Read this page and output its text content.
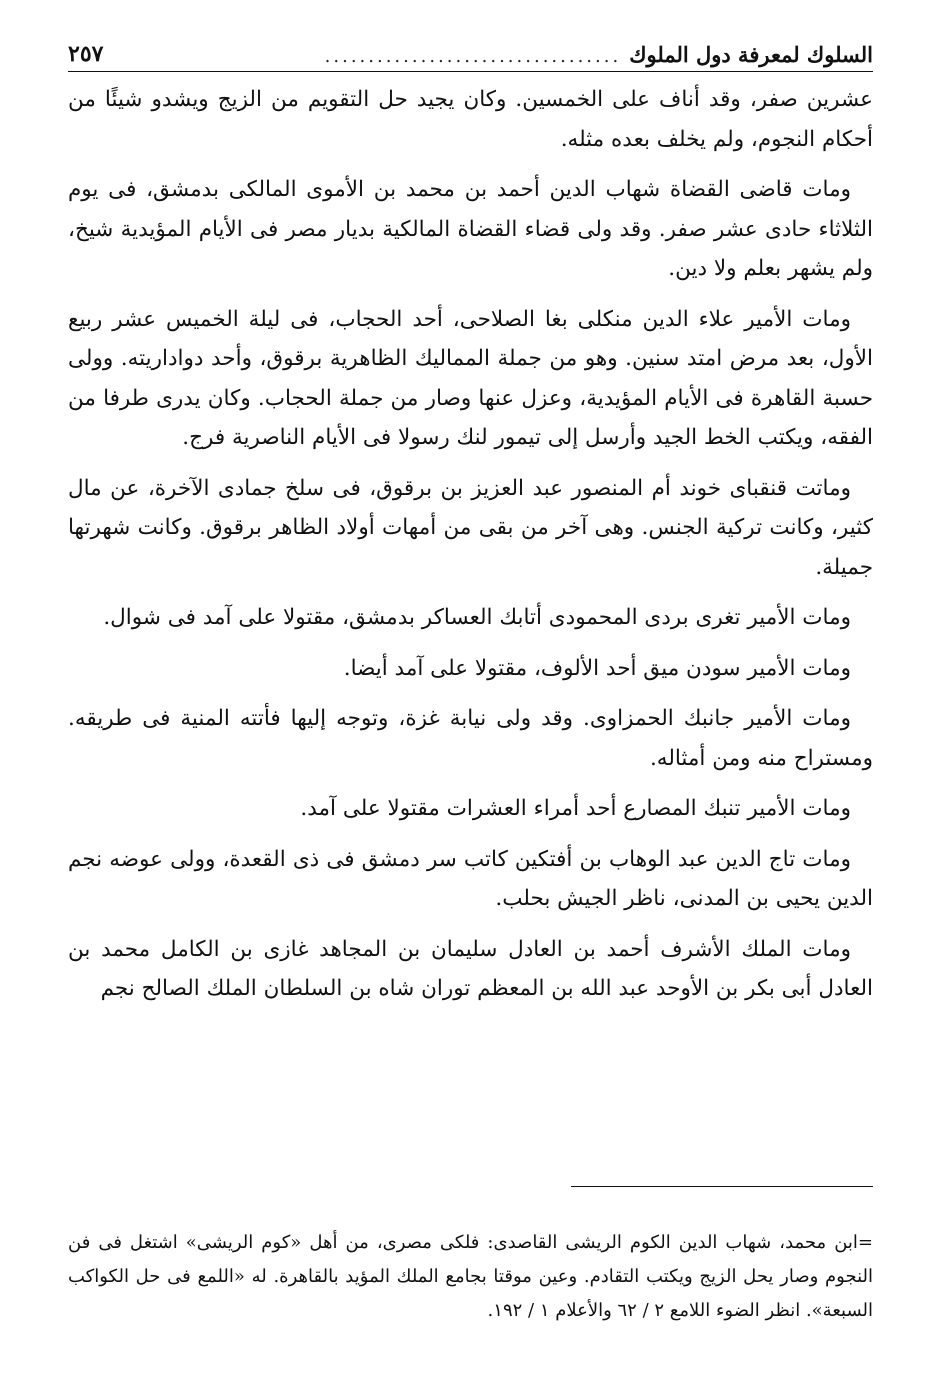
السلوك لمعرفة دول الملوك
..................................
٢٥٧

عشرين صفر، وقد أناف على الخمسين. وكان يجيد حل التقويم من الزيج ويشدو شيئًا من أحكام النجوم، ولم يخلف بعده مثله.

ومات قاضى القضاة شهاب الدين أحمد بن محمد بن الأموى المالكى بدمشق، فى يوم الثلاثاء حادى عشر صفر. وقد ولى قضاء القضاة المالكية بديار مصر فى الأيام المؤيدية شيخ، ولم يشهر بعلم ولا دين.

ومات الأمير علاء الدين منكلى بغا الصلاحى، أحد الحجاب، فى ليلة الخميس عشر ربيع الأول، بعد مرض امتد سنين. وهو من جملة المماليك الظاهرية برقوق، وأحد دواداريته. وولى حسبة القاهرة فى الأيام المؤيدية، وعزل عنها وصار من جملة الحجاب. وكان يدرى طرفا من الفقه، ويكتب الخط الجيد وأرسل إلى تيمور لنك رسولا فى الأيام الناصرية فرج.

وماتت قنقباى خوند أم المنصور عبد العزيز بن برقوق، فى سلخ جمادى الآخرة، عن مال كثير، وكانت تركية الجنس. وهى آخر من بقى من أمهات أولاد الظاهر برقوق. وكانت شهرتها جميلة.

ومات الأمير تغرى بردى المحمودى أتابك العساكر بدمشق، مقتولا على آمد فى شوال.

ومات الأمير سودن ميق أحد الألوف، مقتولا على آمد أيضا.

ومات الأمير جانبك الحمزاوى. وقد ولى نيابة غزة، وتوجه إليها فأتته المنية فى طريقه. ومستراح منه ومن أمثاله.

ومات الأمير تنبك المصارع أحد أمراء العشرات مقتولا على آمد.

ومات تاج الدين عبد الوهاب بن أفتكين كاتب سر دمشق فى ذى القعدة، وولى عوضه نجم الدين يحيى بن المدنى، ناظر الجيش بحلب.

ومات الملك الأشرف أحمد بن العادل سليمان بن المجاهد غازى بن الكامل محمد بن العادل أبى بكر بن الأوحد عبد الله بن المعظم توران شاه بن السلطان الملك الصالح نجم

=ابن محمد، شهاب الدين الكوم الريشى القاصدى: فلكى مصرى، من أهل «كوم الريشى» اشتغل فى فن النجوم وصار يحل الزيج ويكتب التقادم. وعين موقتا بجامع الملك المؤيد بالقاهرة. له «اللمع فى حل الكواكب السبعة». انظر الضوء اللامع ٢ / ٦٢ والأعلام ١ / ١٩٢.
